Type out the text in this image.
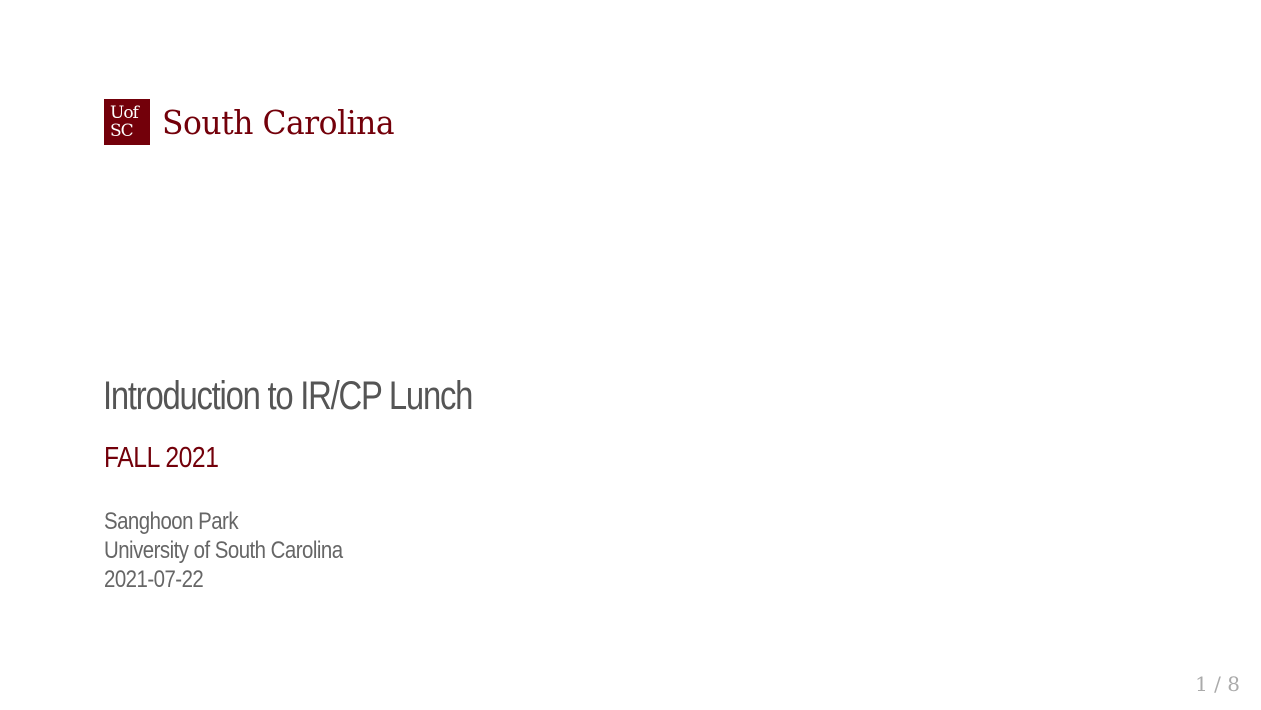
Uof
SC South Carolina
Introduction to IR/CP Lunch
FALL 2021
Sanghoon Park
University of South Carolina
2021-07-22
1 / 8
